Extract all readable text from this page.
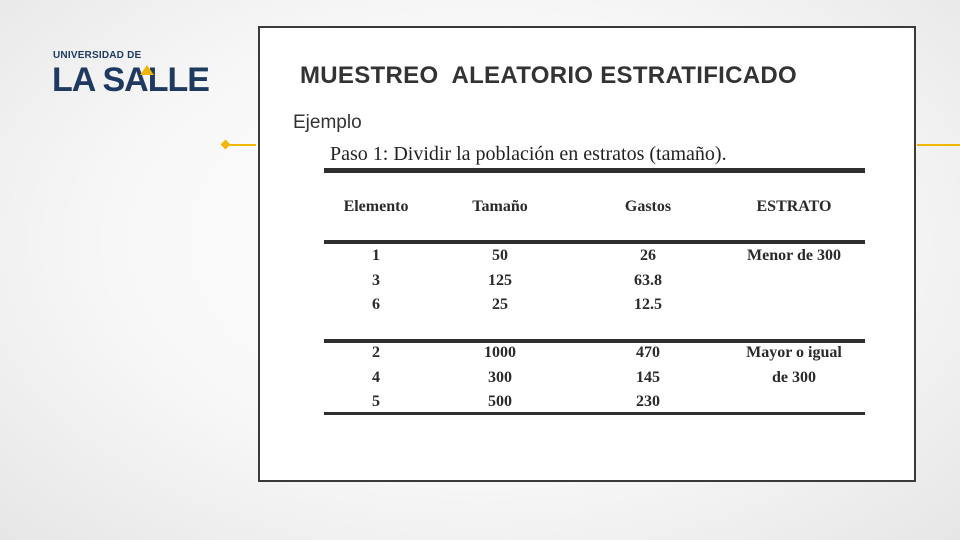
UNIVERSIDAD DE
LA SALLE	MUESTREO  ALEATORIO ESTRATIFICADO
Ejemplo
Paso 1: Dividir la población en estratos (tamaño).
Elemento	Tamaño	Gastos	ESTRATO
1	50	26	Menor de 300
3	125	63.8
6	25	12.5
2	1000	470	Mayor o igual
4	300	145	de 300
5	500	230
